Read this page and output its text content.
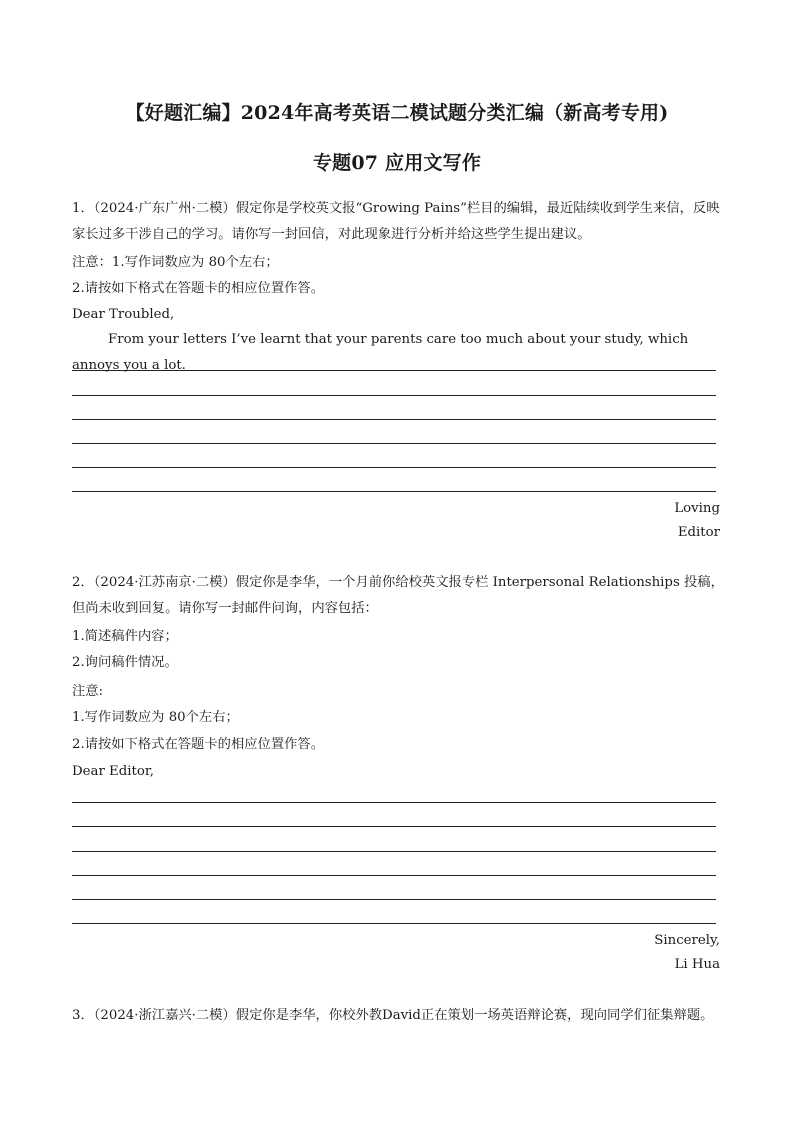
【好题汇编】2024年高考英语二模试题分类汇编（新高考专用)
专题07 应用文写作
1．（2024·广东广州·二模）假定你是学校英文报“Growing Pains”栏目的编辑，最近陆续收到学生来信，反映家长过多干涉自己的学习。请你写一封回信，对此现象进行分析并给这些学生提出建议。
注意：1.写作词数应为 80个左右；
2.请按如下格式在答题卡的相应位置作答。
Dear Troubled,
From your letters I’ve learnt that your parents care too much about your study, which annoys you a lot.
Loving
Editor
2．（2024·江苏南京·二模）假定你是李华，一个月前你给校英文报专栏 Interpersonal Relationships 投稿，但尚未收到回复。请你写一封邮件问询，内容包括：
1.简述稿件内容；
2.询问稿件情况。
注意:
1.写作词数应为 80个左右；
2.请按如下格式在答题卡的相应位置作答。
Dear Editor,
Sincerely,
Li Hua
3．（2024·浙江嘉兴·二模）假定你是李华，你校外教David正在策划一场英语辩论赛，现向同学们征集辩题。
